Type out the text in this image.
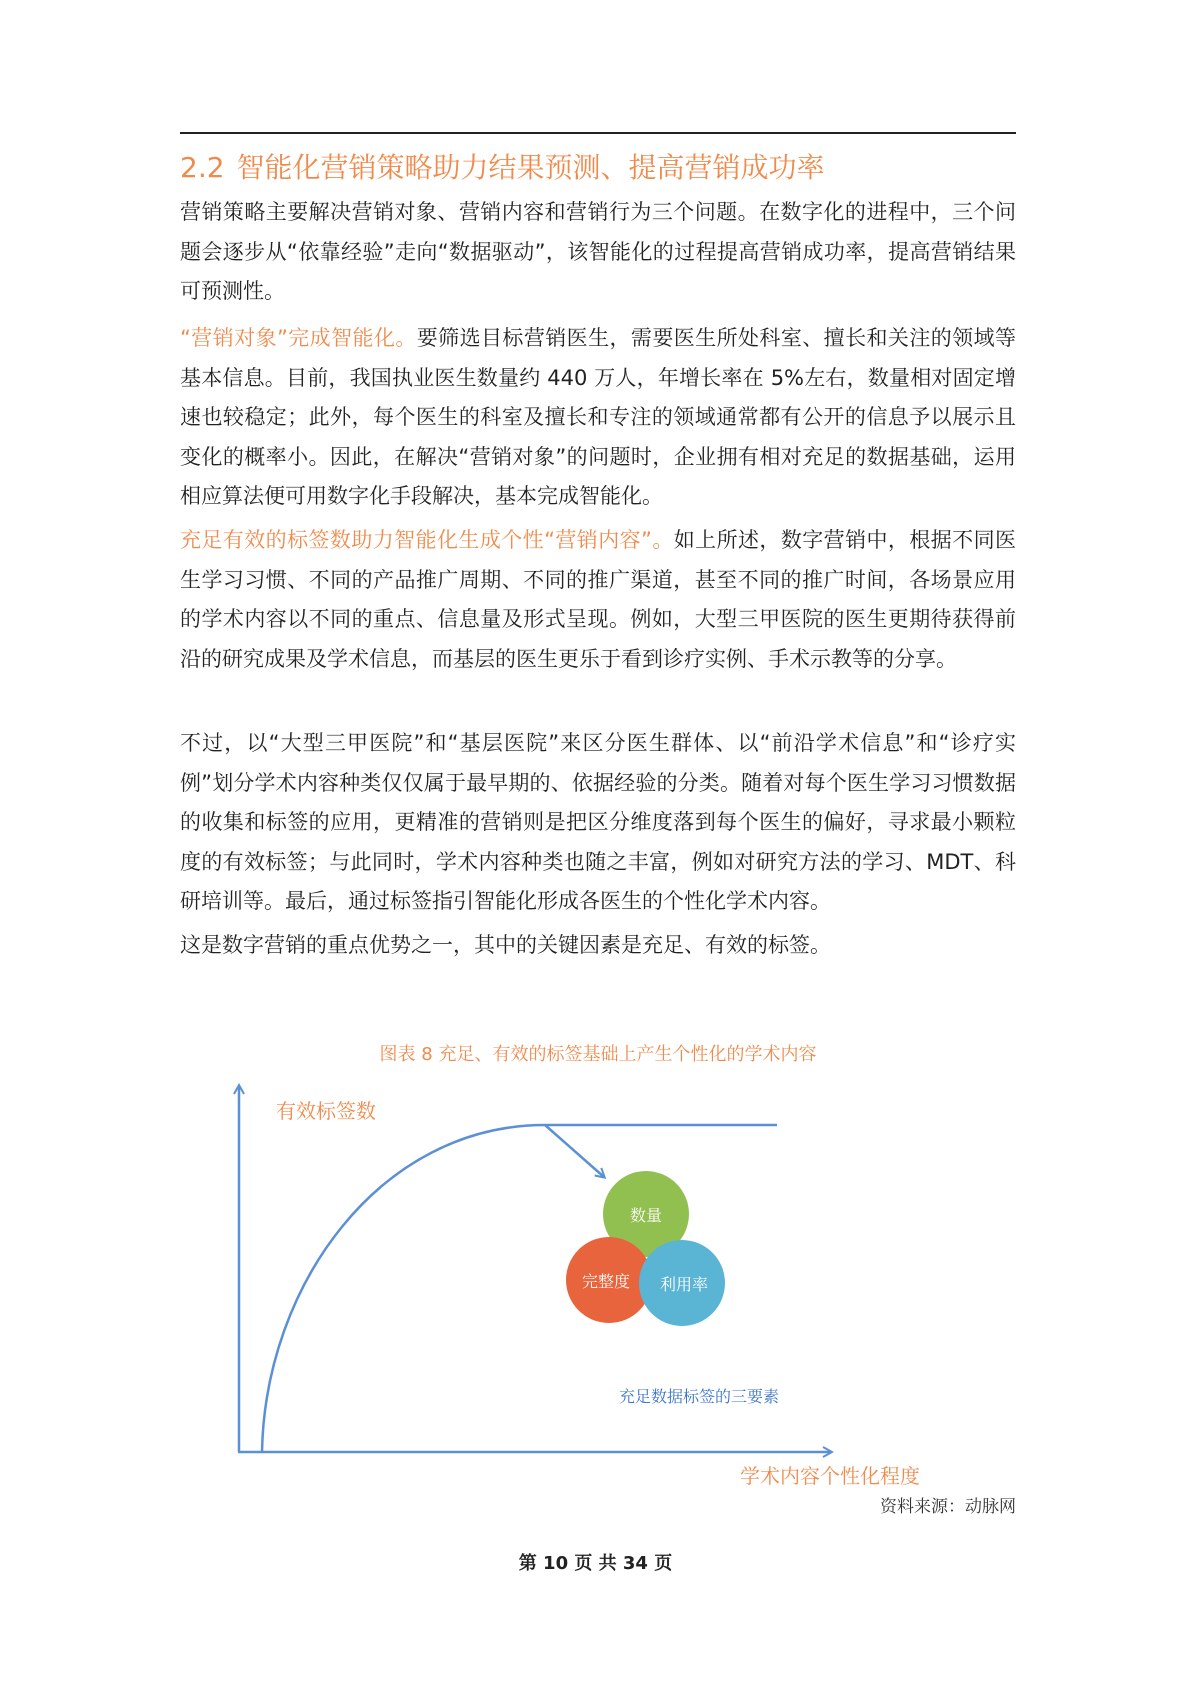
2.2 智能化营销策略助力结果预测、提高营销成功率

营销策略主要解决营销对象、营销内容和营销行为三个问题。在数字化的进程中，三个问题会逐步从“依靠经验”走向“数据驱动”，该智能化的过程提高营销成功率，提高营销结果可预测性。

“营销对象”完成智能化。要筛选目标营销医生，需要医生所处科室、擅长和关注的领域等基本信息。目前，我国执业医生数量约 440 万人，年增长率在 5%左右，数量相对固定增速也较稳定；此外，每个医生的科室及擅长和专注的领域通常都有公开的信息予以展示且变化的概率小。因此，在解决“营销对象”的问题时，企业拥有相对充足的数据基础，运用相应算法便可用数字化手段解决，基本完成智能化。

充足有效的标签数助力智能化生成个性“营销内容”。如上所述，数字营销中，根据不同医生学习习惯、不同的产品推广周期、不同的推广渠道，甚至不同的推广时间，各场景应用的学术内容以不同的重点、信息量及形式呈现。例如，大型三甲医院的医生更期待获得前沿的研究成果及学术信息，而基层的医生更乐于看到诊疗实例、手术示教等的分享。

不过，以“大型三甲医院”和“基层医院”来区分医生群体、以“前沿学术信息”和“诊疗实例”划分学术内容种类仅仅属于最早期的、依据经验的分类。随着对每个医生学习习惯数据的收集和标签的应用，更精准的营销则是把区分维度落到每个医生的偏好，寻求最小颗粒度的有效标签；与此同时，学术内容种类也随之丰富，例如对研究方法的学习、MDT、科研培训等。最后，通过标签指引智能化形成各医生的个性化学术内容。

这是数字营销的重点优势之一，其中的关键因素是充足、有效的标签。

图表 8 充足、有效的标签基础上产生个性化的学术内容

有效标签数
学术内容个性化程度
数量
完整度	利用率
充足数据标签的三要素
资料来源：动脉网
第 10 页 共 34 页
